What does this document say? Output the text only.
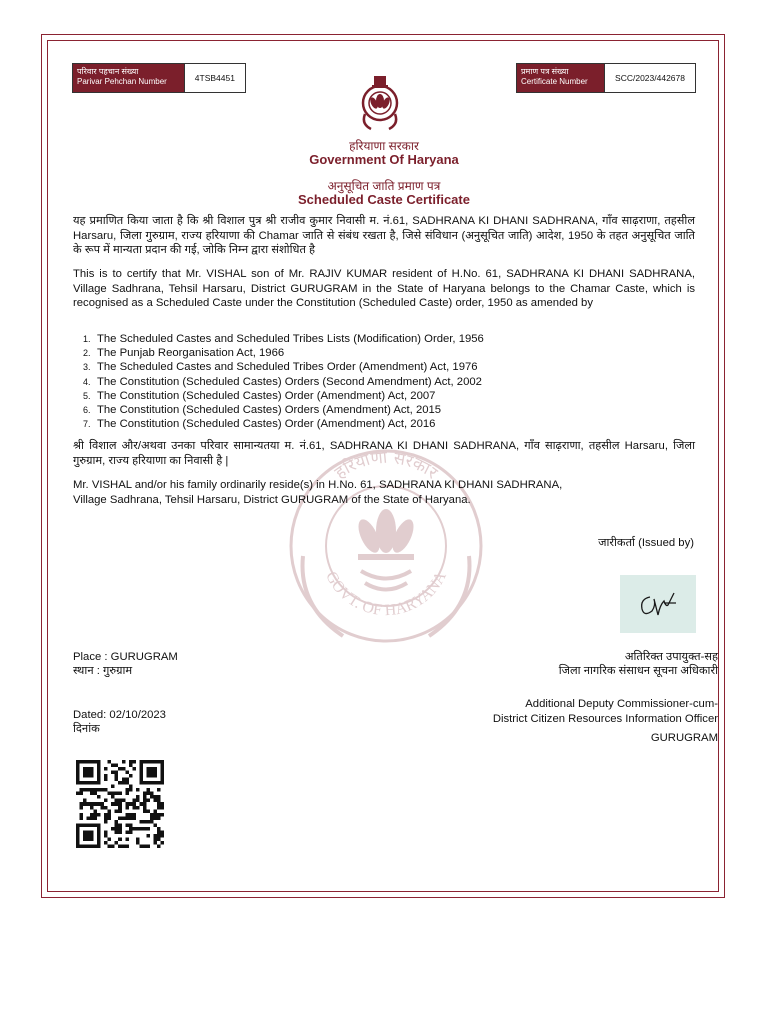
हरियाणा सरकार
GOVT. OF HARYANA
परिवार पहचान संख्या
Parivar Pehchan Number	4TSB4451
प्रमाण पत्र संख्या
Certificate Number	SCC/2023/442678
हरियाणा सरकार
Government Of Haryana
अनुसूचित जाति प्रमाण पत्र
Scheduled Caste Certificate
यह प्रमाणित किया जाता है कि श्री विशाल पुत्र श्री राजीव कुमार निवासी म. नं.61, SADHRANA KI DHANI SADHRANA, गाँव साढ़राणा, तहसील Harsaru, जिला गुरुग्राम, राज्य हरियाणा की Chamar जाति से संबंध रखता है, जिसे संविधान (अनुसूचित जाति) आदेश, 1950 के तहत अनुसूचित जाति के रूप में मान्यता प्रदान की गई, जोकि निम्न द्वारा संशोधित है
This is to certify that Mr. VISHAL son of Mr. RAJIV KUMAR resident of H.No. 61, SADHRANA KI DHANI SADHRANA, Village Sadhrana, Tehsil Harsaru, District GURUGRAM in the State of Haryana belongs to the Chamar Caste, which is recognised as a Scheduled Caste under the Constitution (Scheduled Caste) order, 1950 as amended by
1. The Scheduled Castes and Scheduled Tribes Lists (Modification) Order, 1956
2. The Punjab Reorganisation Act, 1966
3. The Scheduled Castes and Scheduled Tribes Order (Amendment) Act, 1976
4. The Constitution (Scheduled Castes) Orders (Second Amendment) Act, 2002
5. The Constitution (Scheduled Castes) Order (Amendment) Act, 2007
6. The Constitution (Scheduled Castes) Orders (Amendment) Act, 2015
7. The Constitution (Scheduled Castes) Order (Amendment) Act, 2016
श्री विशाल और/अथवा उनका परिवार सामान्यतया म. नं.61, SADHRANA KI DHANI SADHRANA, गाँव साढ़राणा, तहसील Harsaru, जिला गुरुग्राम, राज्य हरियाणा का निवासी है |
Mr. VISHAL and/or his family ordinarily reside(s) in H.No. 61, SADHRANA KI DHANI SADHRANA,
Village Sadhrana, Tehsil Harsaru, District GURUGRAM of the State of Haryana.
जारीकर्ता (Issued by)
Place : GURUGRAM
स्थान : गुरुग्राम
Dated: 02/10/2023
दिनांक
अतिरिक्त उपायुक्त-सह
जिला नागरिक संसाधन सूचना अधिकारी
Additional Deputy Commissioner-cum-
District Citizen Resources Information Officer
GURUGRAM
